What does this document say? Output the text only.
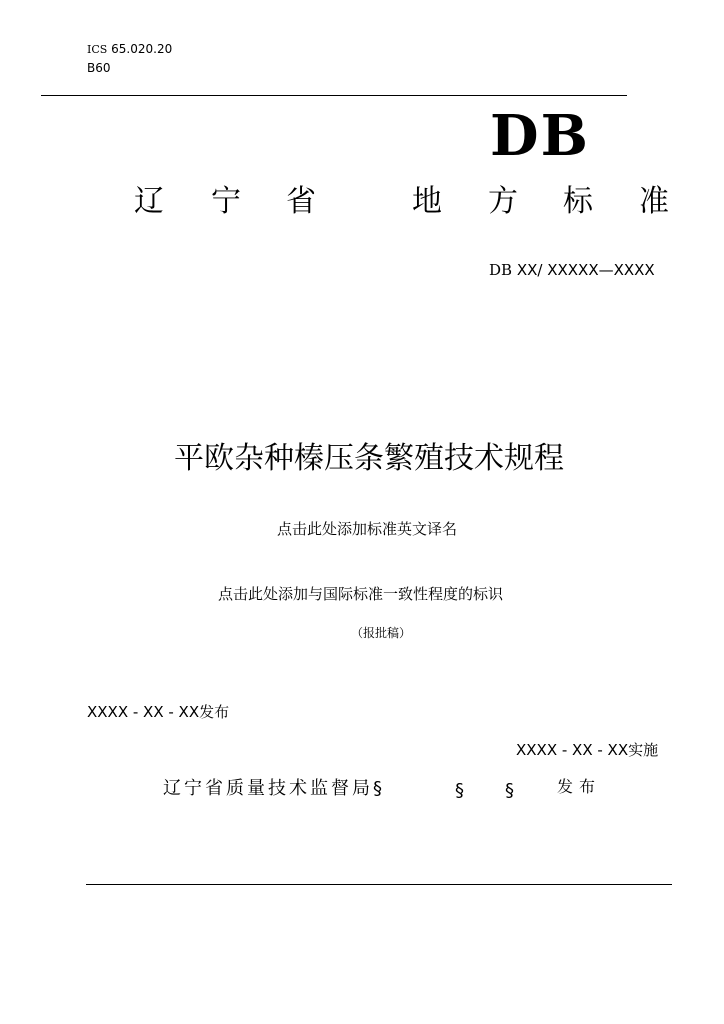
ICS 65.020.20
B60
DB
辽 宁 省	地 方 标 准
DB XX/ XXXXX—XXXX
平欧杂种榛压条繁殖技术规程
点击此处添加标准英文译名
点击此处添加与国际标准一致性程度的标识
（报批稿）
XXXX - XX - XX发布
XXXX - XX - XX实施
辽宁省质量技术监督局§	§ §	发布
